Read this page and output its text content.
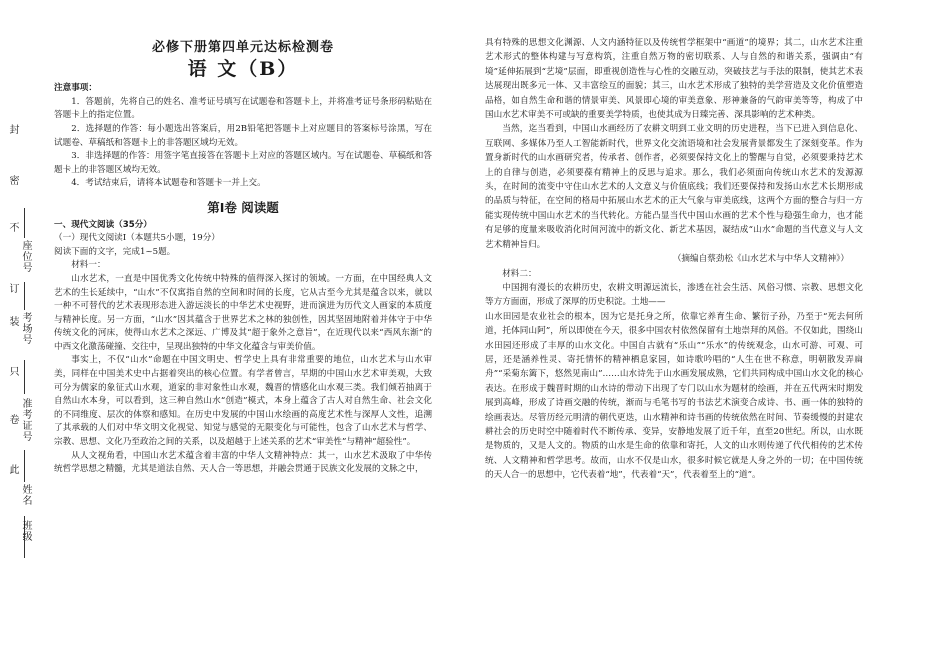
封
密
不
订
装
只
卷
此
座位号
考场号
准考证号
姓名
班级
必修下册第四单元达标检测卷
语 文（B）
注意事项：

1．答题前，先将自己的姓名、准考证号填写在试题卷和答题卡上，并将准考证号条形码粘贴在答题卡上的指定位置。

2．选择题的作答：每小题选出答案后，用2B铅笔把答题卡上对应题目的答案标号涂黑，写在试题卷、草稿纸和答题卡上的非答题区域均无效。

3．非选择题的作答：用签字笔直接答在答题卡上对应的答题区域内。写在试题卷、草稿纸和答题卡上的非答题区域均无效。

4．考试结束后，请将本试题卷和答题卡一并上交。

第Ⅰ卷 阅读题
一、现代文阅读（35分）

（一）现代文阅读Ⅰ（本题共5小题，19分）

阅读下面的文字，完成1~5题。

材料一：

山水艺术，一直是中国优秀文化传统中特殊的值得深入探讨的领域。一方面，在中国经典人文艺术的生长延续中，“山水”不仅寓指自然的空间和时间的长度，它从古至今尤其是蕴含以来，就以一种不可替代的艺术表现形态进入游远淡长的中华艺术史视野，进而演进为历代文人画家的本质度与精神长度。另一方面，“山水”因其蕴含于世界艺术之林的独创性，因其坚固地附着并体守于中华传统文化的河床，使得山水艺术之深远、广博及其“超于象外之意旨”，在近现代以来“西风东渐”的中西文化激荡碰撞、交往中，呈现出独特的中华文化蕴含与审美价值。

事实上，不仅“山水”命题在中国文明史、哲学史上具有非常重要的地位，山水艺术与山水审美，同样在中国美术史中占据着突出的核心位置。有学者曾言，早期的中国山水艺术审美观，大致可分为儒家的象征式山水观，道家的非对象性山水观，魏晋的情感化山水观三类。我们倾若抽离于自然山水本身，可以看到，这三种自然山水“创造”模式，本身上蕴含了古人对自然生命、社会文化的不同维度、层次的体察和感知。在历史中发展的中国山水绘画的高度艺术性与深厚人文性，追溯了其承载的人们对中华文明文化视觉、知觉与感觉的无限变化与可能性，包含了山水艺术与哲学、宗教、思想、文化乃至政治之间的关系，以及超越于上述关系的艺术“审美性”与精神“超验性”。

从人文视角看，中国山水艺术蕴含着丰富的中华人文精神特点：其一，山水艺术汲取了中华传统哲学思想之精髓，尤其是道法自然、天人合一等思想，并融会贯通于民族文化发展的文脉之中，

具有特殊的思想文化渊源、人文内涵特征以及传统哲学框架中“画道”的境界；其二，山水艺术注重艺术形式的整体构建与写意构筑，注重自然万物的密切联系、人与自然的和谐关系，强调由“有境”延伸拓展到“艺境”层面，即重视创造性与心性的交融互动，突破技艺与手法的限制，使其艺术表达展现出既多元一体、又丰富绘互的面貌；其三，山水艺术形成了独特的美学营造及文化价值塑造品格，如自然生命和谐的情景审美、风景即心境的审美意象、形神兼备的气韵审美等等，构成了中国山水艺术审美不可或缺的重要美学特质，也使其成为日臻完善、深具影响的艺术种类。

当然，迄当看到，中国山水画经历了农耕文明到工业文明的历史进程，当下已进入到信息化、互联网、多媒体乃至人工智能新时代，世界文化交流语境和社会发展背景都发生了深刻变革。作为置身新时代的山水画研究者，传承者、创作者，必须要保持文化上的警醒与自觉，必须要秉持艺术上的自律与创造，必须要葆有精神上的反思与追求。那么，我们必须面向传统山水艺术的发源源头，在时间的流变中守住山水艺术的人文意义与价值底线；我们还要保持和发扬山水艺术长期形成的品质与特征，在空间的格局中拓展山水艺术的正大气象与审美底线，这两个方面的整合与归一方能实现传统中国山水艺术的当代转化。方能凸显当代中国山水画的艺术个性与稳强生命力，也才能有足够的度量来吸收消化时间河流中的新文化、新艺术基因，凝结成“山水”命题的当代意义与人文艺术精神旨归。

（摘编自蔡劲松《山水艺术与中华人文精神》）

材料二：

中国拥有漫长的农耕历史，农耕文明源远流长，渗透在社会生活、风俗习惯、宗教、思想文化等方方面面，形成了深厚的历史积淀。土地——

山水田园是农业社会的根本，因为它是托身之所，依靠它养育生命、繁衍子孙，乃至于“死去何所道，托体同山阿”，所以即使在今天，很多中国农村依然保留有土地崇拜的风俗。不仅如此，围绕山水田园还形成了丰厚的山水文化。中国自古就有“乐山”“乐水”的传统观念，山水可游、可观、可居，还是涵养性灵、寄托情怀的精神栖息家园，如诗歌吟唱的“人生在世不称意，明朝散发弄扁舟”“采菊东篱下，悠然见南山”……山水诗先于山水画发展成熟，它们共同构成中国山水文化的核心表达。在形成于魏晋时期的山水诗的带动下出现了专门以山水为题材的绘画，并在五代两宋时期发展到高峰，形成了诗画交融的传统，渐而与毛笔书写的书法艺术演变合成诗、书、画一体的独特的绘画表达。尽管历经元明清的朝代更迭，山水精神和诗书画的传统依然在时间、节奏缓慢的封建农耕社会的历史时空中随着时代不断传承、变异，安静地发展了近千年，直至20世纪。所以，山水既是物质的，又是人文的。物质的山水是生命的依靠和寄托，人文的山水则传递了代代相传的艺术传统、人文精神和哲学思考。故而，山水不仅是山水，很多时候它就是人身之外的一切；在中国传统的天人合一的思想中，它代表着“地”，代表着“天”，代表着至上的“道”。
